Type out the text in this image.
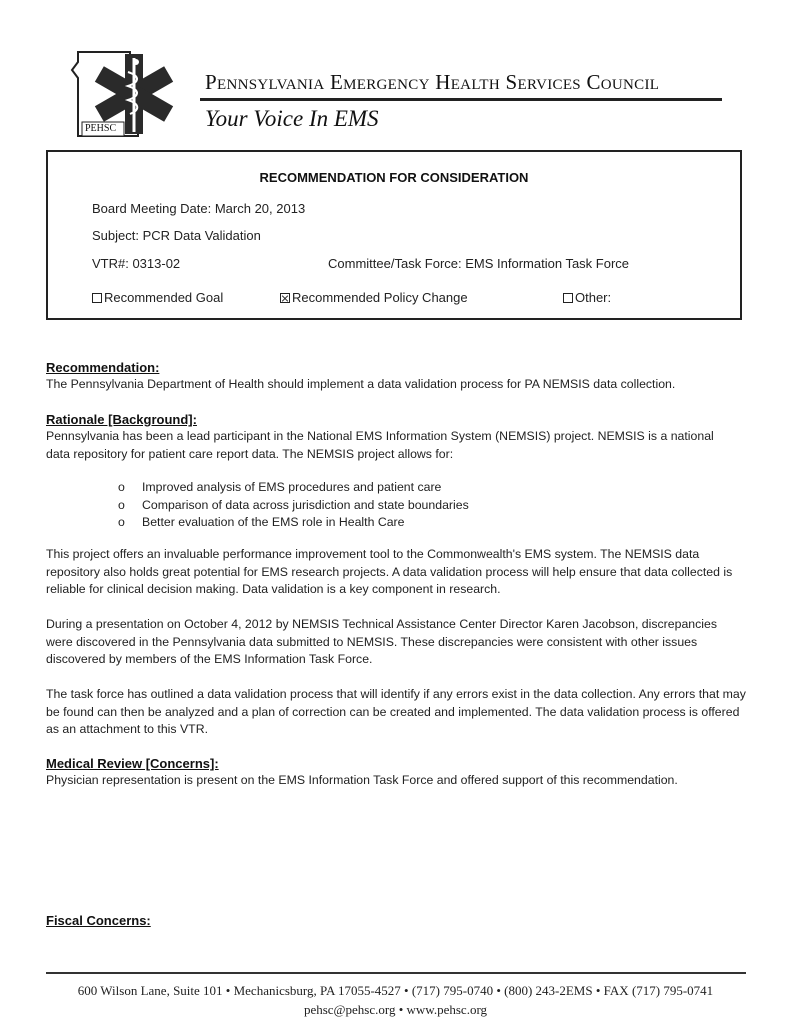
PEHSC
Pennsylvania Emergency Health Services Council
Your Voice In EMS
RECOMMENDATION FOR CONSIDERATION
Board Meeting Date: March 20, 2013
Subject: PCR Data Validation
VTR#: 0313-02	Committee/Task Force: EMS Information Task Force
Recommended Goal	Recommended Policy Change	Other:
Recommendation:
The Pennsylvania Department of Health should implement a data validation process for PA NEMSIS data collection.
Rationale [Background]:
Pennsylvania has been a lead participant in the National EMS Information System (NEMSIS) project. NEMSIS is a national data repository for patient care report data. The NEMSIS project allows for:
o Improved analysis of EMS procedures and patient care
o Comparison of data across jurisdiction and state boundaries
o Better evaluation of the EMS role in Health Care
This project offers an invaluable performance improvement tool to the Commonwealth's EMS system. The NEMSIS data repository also holds great potential for EMS research projects. A data validation process will help ensure that data collected is reliable for clinical decision making. Data validation is a key component in research.
During a presentation on October 4, 2012 by NEMSIS Technical Assistance Center Director Karen Jacobson, discrepancies were discovered in the Pennsylvania data submitted to NEMSIS. These discrepancies were consistent with other issues discovered by members of the EMS Information Task Force.
The task force has outlined a data validation process that will identify if any errors exist in the data collection. Any errors that may be found can then be analyzed and a plan of correction can be created and implemented. The data validation process is offered as an attachment to this VTR.
Medical Review [Concerns]:
Physician representation is present on the EMS Information Task Force and offered support of this recommendation.
Fiscal Concerns:
600 Wilson Lane, Suite 101 • Mechanicsburg, PA 17055-4527 • (717) 795-0740 • (800) 243-2EMS • FAX (717) 795-0741
pehsc@pehsc.org • www.pehsc.org
